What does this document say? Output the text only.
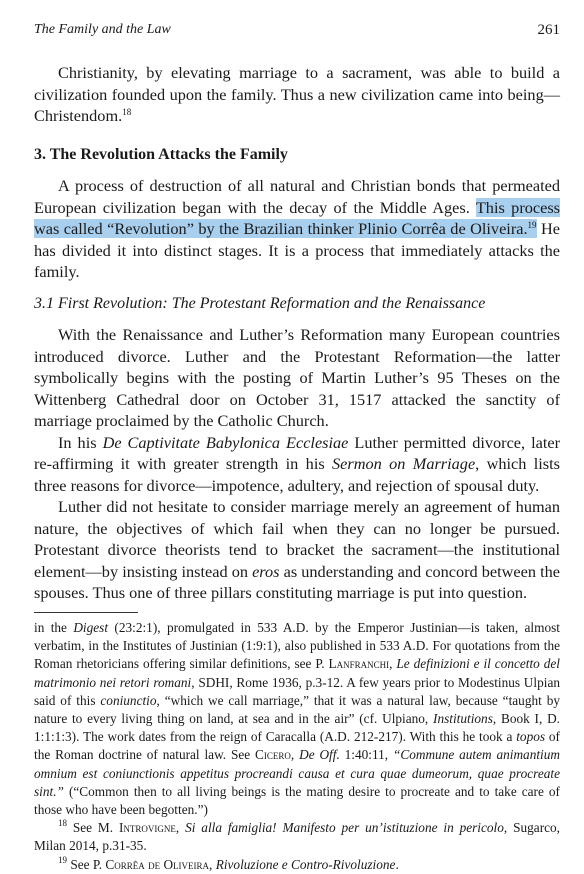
The Family and the Law	261

Christianity, by elevating marriage to a sacrament, was able to build a civilization founded upon the family. Thus a new civilization came into being—Christendom.$^{18}$

3. The Revolution Attacks the Family

A process of destruction of all natural and Christian bonds that permeated European civilization began with the decay of the Middle Ages. This process was called “Revolution” by the Brazilian thinker Plinio Corrêa de Oliveira.$^{19}$ He has divided it into distinct stages. It is a process that immediately attacks the family.

3.1 First Revolution: The Protestant Reformation and the Renaissance

With the Renaissance and Luther’s Reformation many European countries introduced divorce. Luther and the Protestant Reformation—the latter symbolically begins with the posting of Martin Luther’s 95 Theses on the Wittenberg Cathedral door on October 31, 1517 attacked the sanctity of marriage proclaimed by the Catholic Church.

In his De Captivitate Babylonica Ecclesiae Luther permitted divorce, later re-affirming it with greater strength in his Sermon on Marriage, which lists three reasons for divorce—impotence, adultery, and rejection of spousal duty.

Luther did not hesitate to consider marriage merely an agreement of human nature, the objectives of which fail when they can no longer be pursued. Protestant divorce theorists tend to bracket the sacrament—the institutional element—by insisting instead on eros as understanding and concord between the spouses. Thus one of three pillars constituting marriage is put into question.

in the Digest (23:2:1), promulgated in 533 A.D. by the Emperor Justinian—is taken, almost verbatim, in the Institutes of Justinian (1:9:1), also published in 533 A.D. For quotations from the Roman rhetoricians offering similar definitions, see P. Lanfranchi, Le definizioni e il concetto del matrimonio nei retori romani, SDHI, Rome 1936, p.3-12. A few years prior to Modestinus Ulpian said of this coniunctio, “which we call marriage,” that it was a natural law, because “taught by nature to every living thing on land, at sea and in the air” (cf. Ulpiano, Institutions, Book I, D. 1:1:1:3). The work dates from the reign of Caracalla (A.D. 212-217). With this he took a topos of the Roman doctrine of natural law. See Cicero, De Off. 1:40:11, “Commune autem animantium omnium est coniunctionis appetitus procreandi causa et cura quae dumeorum, quae procreate sint.” (“Common then to all living beings is the mating desire to procreate and to take care of those who have been begotten.”)

$^{18}$ See M. Introvigne, Si alla famiglia! Manifesto per un’istituzione in pericolo, Sugarco, Milan 2014, p.31-35.

$^{19}$ See P. Corrêa de Oliveira, Rivoluzione e Contro-Rivoluzione.
